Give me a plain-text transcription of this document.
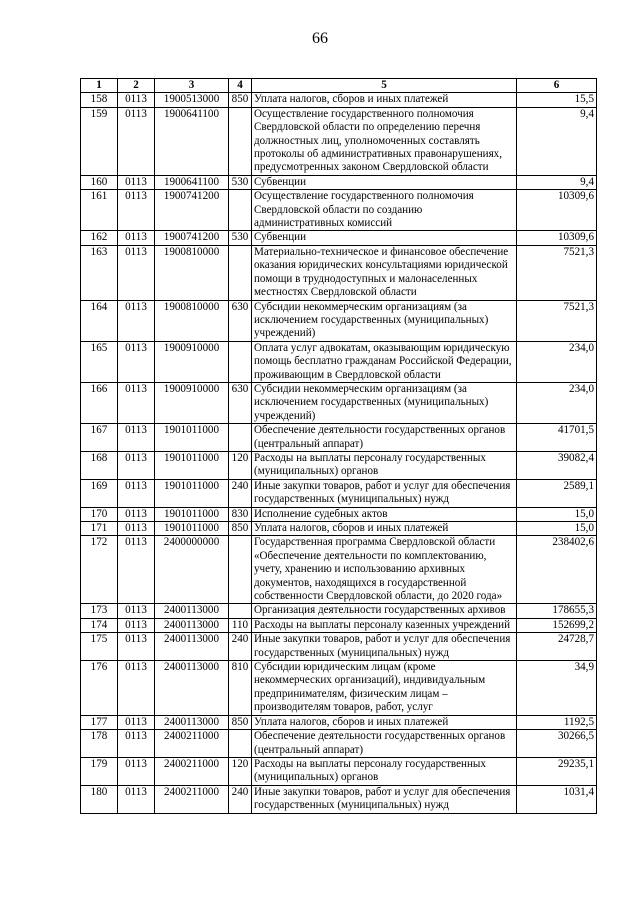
66
1	2	3	4	5	6
158	0113	1900513000	850	Уплата налогов, сборов и иных платежей	15,5
159	0113	1900641100		Осуществление государственного полномочия Свердловской области по определению перечня должностных лиц, уполномоченных составлять протоколы об административных правонарушениях, предусмотренных законом Свердловской области	9,4
160	0113	1900641100	530	Субвенции	9,4
161	0113	1900741200		Осуществление государственного полномочия Свердловской области по созданию административных комиссий	10309,6
162	0113	1900741200	530	Субвенции	10309,6
163	0113	1900810000		Материально-техническое и финансовое обеспечение оказания юридических консультациями юридической помощи в труднодоступных и малонаселенных местностях Свердловской области	7521,3
164	0113	1900810000	630	Субсидии некоммерческим организациям (за исключением государственных (муниципальных) учреждений)	7521,3
165	0113	1900910000		Оплата услуг адвокатам, оказывающим юридическую помощь бесплатно гражданам Российской Федерации, проживающим в Свердловской области	234,0
166	0113	1900910000	630	Субсидии некоммерческим организациям (за исключением государственных (муниципальных) учреждений)	234,0
167	0113	1901011000		Обеспечение деятельности государственных органов (центральный аппарат)	41701,5
168	0113	1901011000	120	Расходы на выплаты персоналу государственных (муниципальных) органов	39082,4
169	0113	1901011000	240	Иные закупки товаров, работ и услуг для обеспечения государственных (муниципальных) нужд	2589,1
170	0113	1901011000	830	Исполнение судебных актов	15,0
171	0113	1901011000	850	Уплата налогов, сборов и иных платежей	15,0
172	0113	2400000000		Государственная программа Свердловской области «Обеспечение деятельности по комплектованию, учету, хранению и использованию архивных документов, находящихся в государственной собственности Свердловской области, до 2020 года»	238402,6
173	0113	2400113000		Организация деятельности государственных архивов	178655,3
174	0113	2400113000	110	Расходы на выплаты персоналу казенных учреждений	152699,2
175	0113	2400113000	240	Иные закупки товаров, работ и услуг для обеспечения государственных (муниципальных) нужд	24728,7
176	0113	2400113000	810	Субсидии юридическим лицам (кроме некоммерческих организаций), индивидуальным предпринимателям, физическим лицам – производителям товаров, работ, услуг	34,9
177	0113	2400113000	850	Уплата налогов, сборов и иных платежей	1192,5
178	0113	2400211000		Обеспечение деятельности государственных органов (центральный аппарат)	30266,5
179	0113	2400211000	120	Расходы на выплаты персоналу государственных (муниципальных) органов	29235,1
180	0113	2400211000	240	Иные закупки товаров, работ и услуг для обеспечения государственных (муниципальных) нужд	1031,4
